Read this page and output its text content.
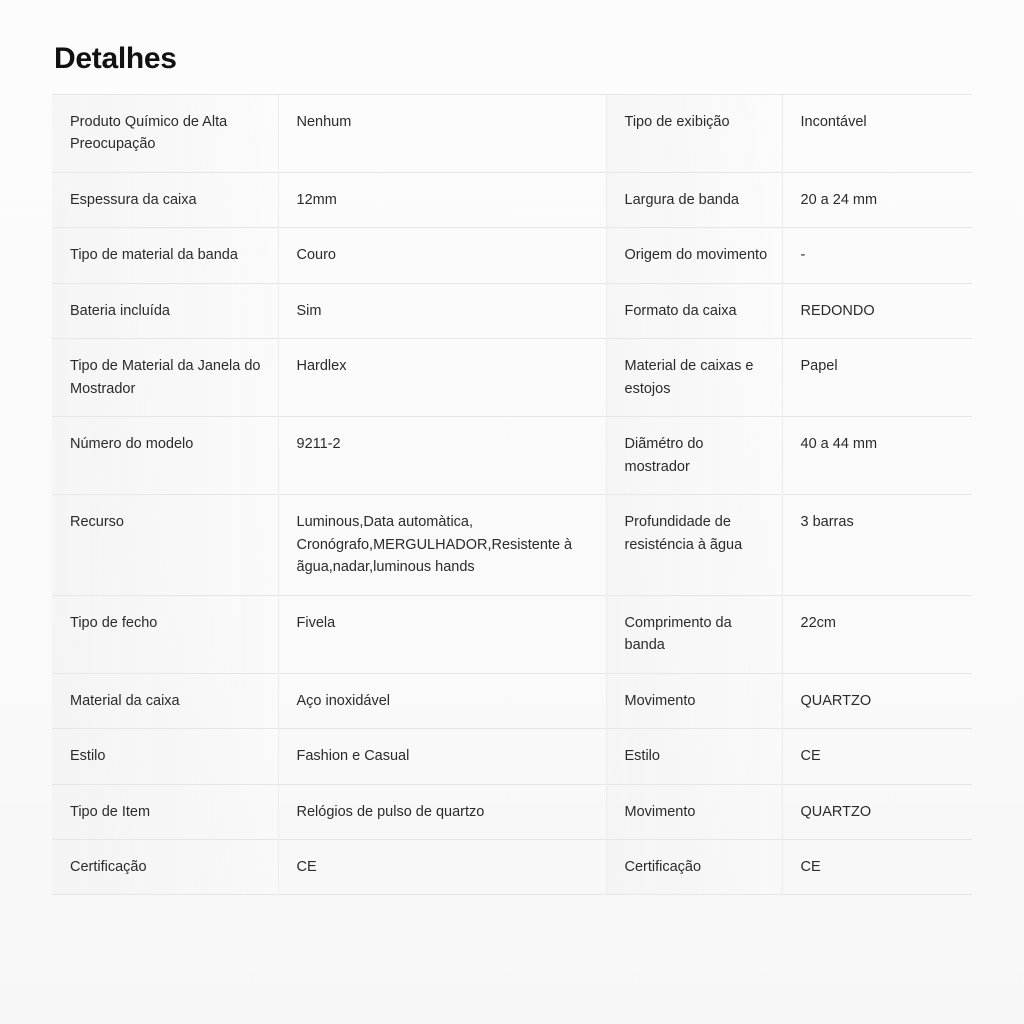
Detalhes
Produto Químico de Alta Preocupação	Nenhum	Tipo de exibição	Incontável
Espessura da caixa	12mm	Largura de banda	20 a 24 mm
Tipo de material da banda	Couro	Origem do movimento	-
Bateria incluída	Sim	Formato da caixa	REDONDO
Tipo de Material da Janela do Mostrador	Hardlex	Material de caixas e estojos	Papel
Número do modelo	9211-2	Diãmétro do mostrador	40 a 44 mm
Recurso	Luminous,Data automàtica, Cronógrafo,MERGULHADOR,Resistente à ãgua,nadar,luminous hands	Profundidade de resisténcia à ãgua	3 barras
Tipo de fecho	Fivela	Comprimento da banda	22cm
Material da caixa	Aço inoxidável	Movimento	QUARTZO
Estilo	Fashion e Casual	Estilo	CE
Tipo de Item	Relógios de pulso de quartzo	Movimento	QUARTZO
Certificação	CE	Certificação	CE
